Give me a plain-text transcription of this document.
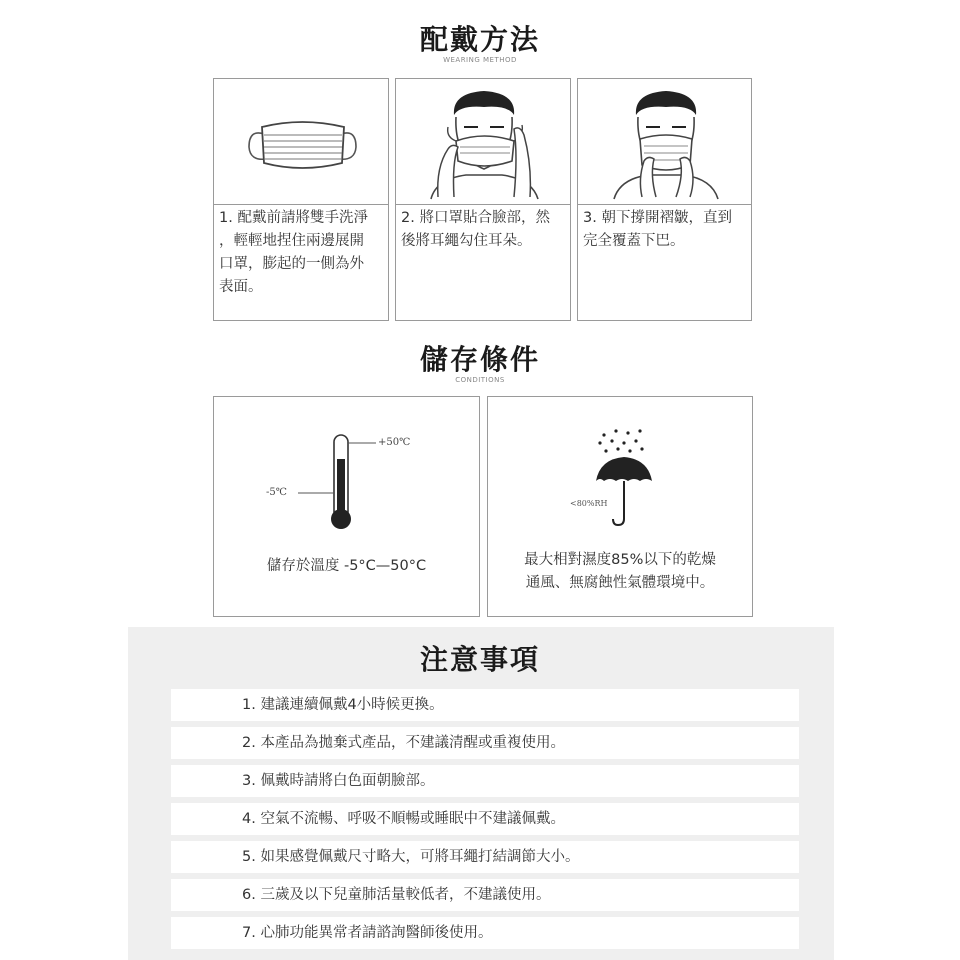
配戴方法
WEARING METHOD
1. 配戴前請將雙手洗淨
，輕輕地捏住兩邊展開
口罩，膨起的一側為外
表面。
2. 將口罩貼合臉部，然
後將耳繩勾住耳朵。
3. 朝下撐開褶皺，直到
完全覆蓋下巴。
儲存條件
CONDITIONS
+50℃
-5℃
儲存於溫度 -5°C—50°C
<80%RH
最大相對濕度85%以下的乾燥
通風、無腐蝕性氣體環境中。
注意事項
1. 建議連續佩戴4小時候更換。
2. 本產品為拋棄式產品，不建議清醒或重複使用。
3. 佩戴時請將白色面朝臉部。
4. 空氣不流暢、呼吸不順暢或睡眠中不建議佩戴。
5. 如果感覺佩戴尺寸略大，可將耳繩打結調節大小。
6. 三歲及以下兒童肺活量較低者，不建議使用。
7. 心肺功能異常者請諮詢醫師後使用。
